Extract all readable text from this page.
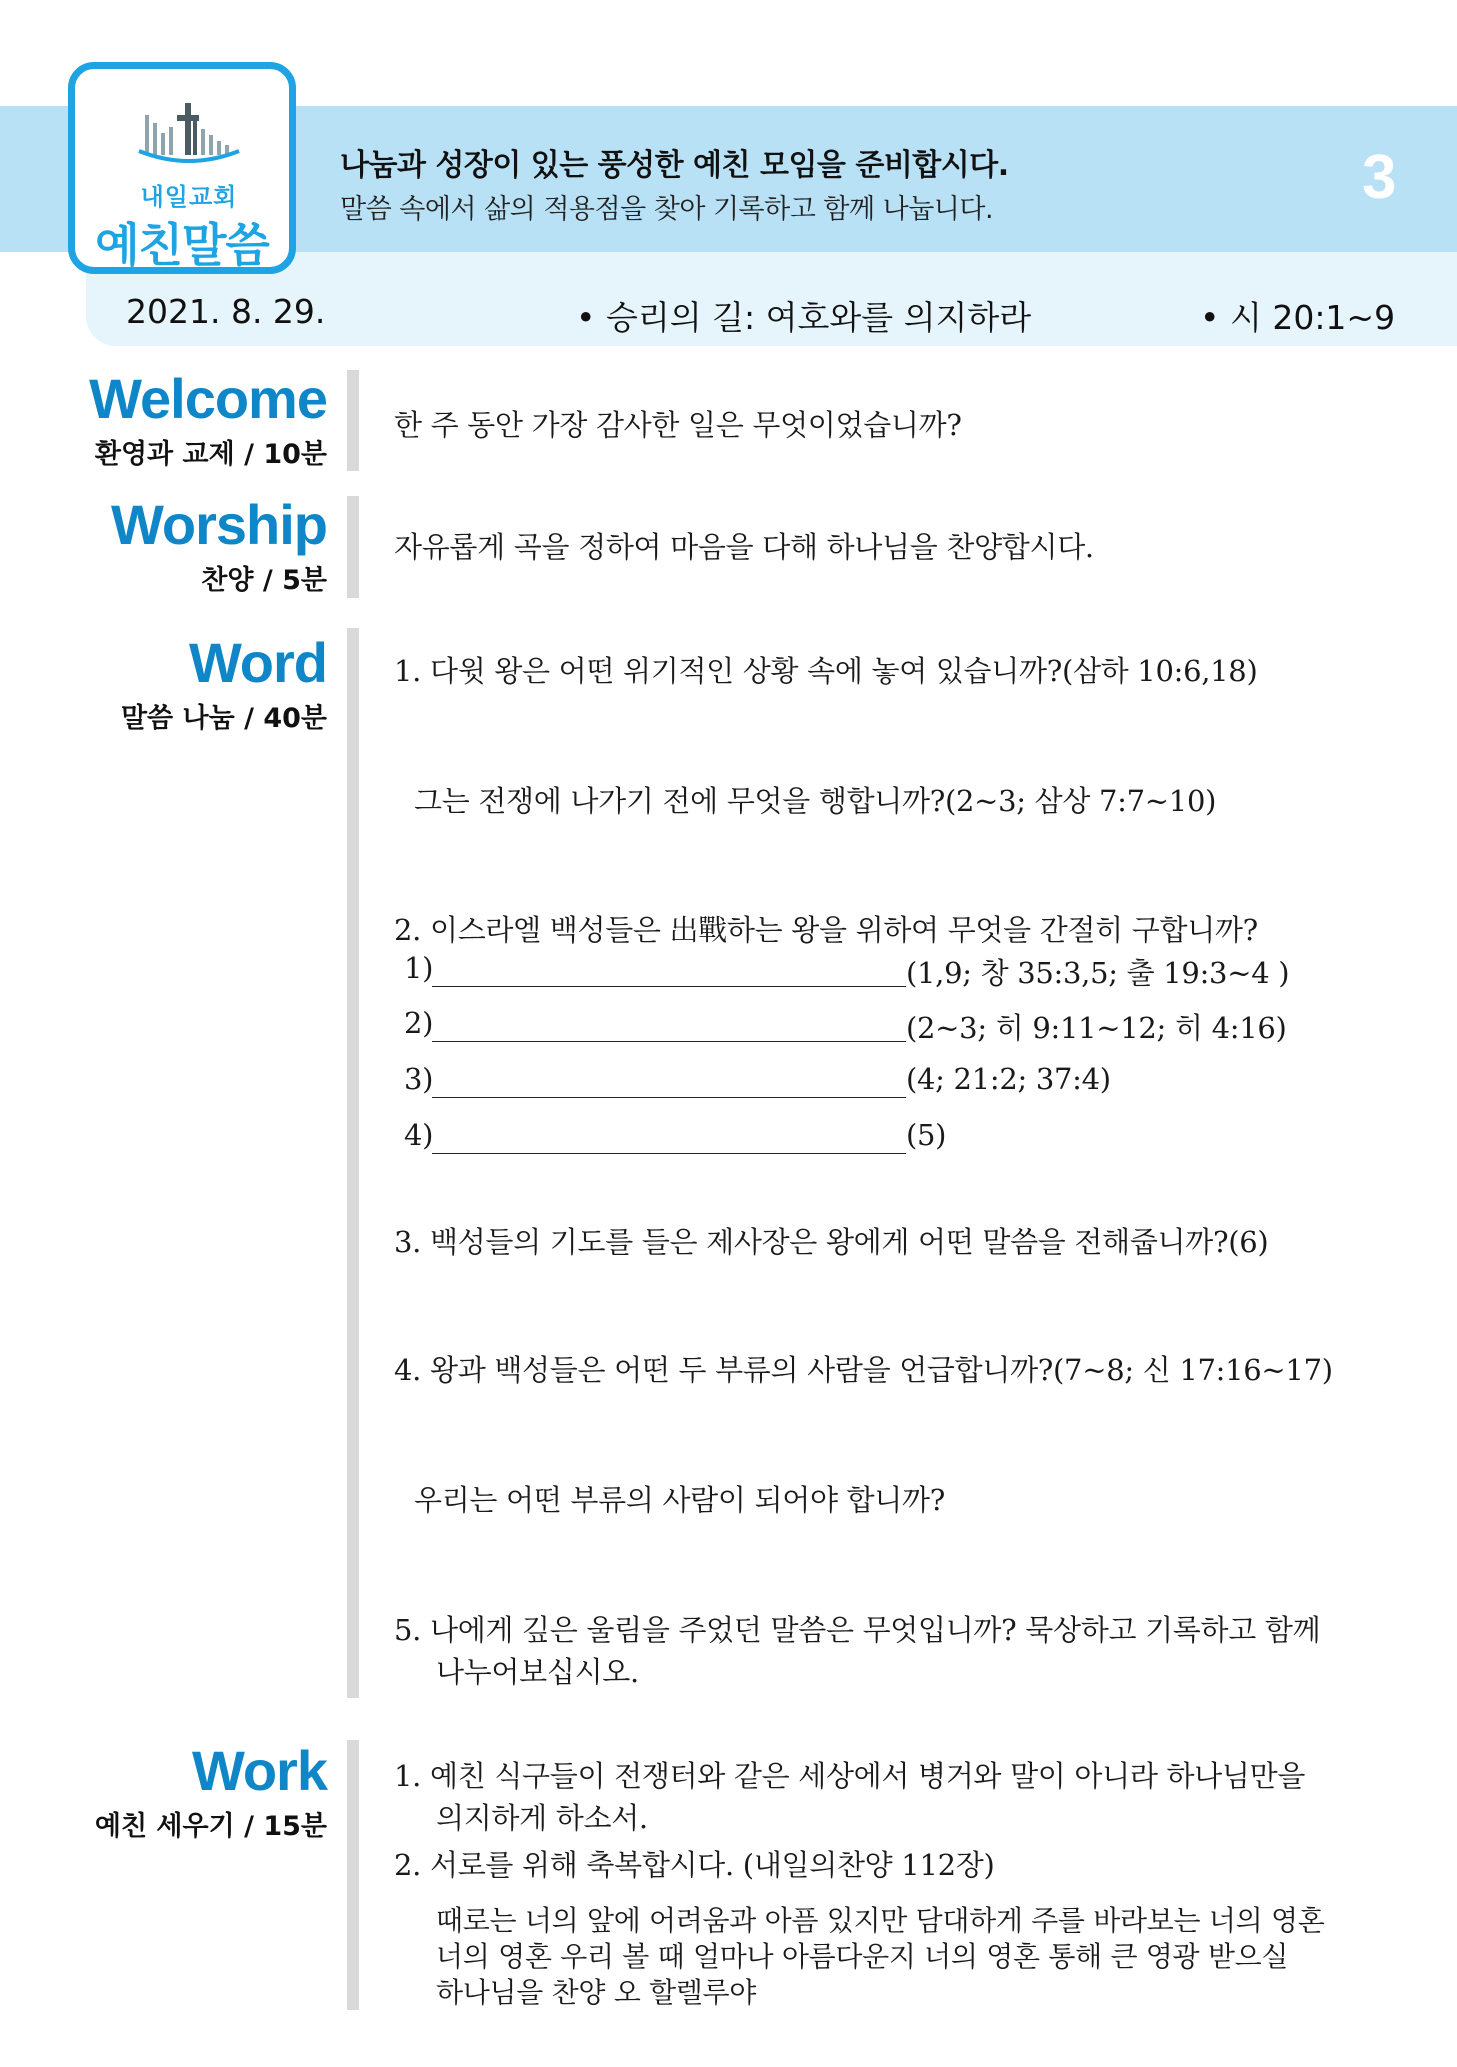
내일교회
예친말씀
나눔과 성장이 있는 풍성한 예친 모임을 준비합시다.
말씀 속에서 삶의 적용점을 찾아 기록하고 함께 나눕니다.	3
2021. 8. 29.	• 승리의 길: 여호와를 의지하라	• 시 20:1~9
Welcome
환영과 교제 / 10분
한 주 동안 가장 감사한 일은 무엇이었습니까?
Worship
찬양 / 5분
자유롭게 곡을 정하여 마음을 다해 하나님을 찬양합시다.
Word
말씀 나눔 / 40분
1. 다윗 왕은 어떤 위기적인 상황 속에 놓여 있습니까?(삼하 10:6,18)
그는 전쟁에 나가기 전에 무엇을 행합니까?(2~3; 삼상 7:7~10)
2. 이스라엘 백성들은 出戰하는 왕을 위하여 무엇을 간절히 구합니까?
1)	(1,9; 창 35:3,5; 출 19:3~4 )
2)	(2~3; 히 9:11~12; 히 4:16)
3)	(4; 21:2; 37:4)
4)	(5)
3. 백성들의 기도를 들은 제사장은 왕에게 어떤 말씀을 전해줍니까?(6)
4. 왕과 백성들은 어떤 두 부류의 사람을 언급합니까?(7~8; 신 17:16~17)
우리는 어떤 부류의 사람이 되어야 합니까?
5. 나에게 깊은 울림을 주었던 말씀은 무엇입니까? 묵상하고 기록하고 함께
나누어보십시오.
Work
예친 세우기 / 15분
1. 예친 식구들이 전쟁터와 같은 세상에서 병거와 말이 아니라 하나님만을
의지하게 하소서.
2. 서로를 위해 축복합시다. (내일의찬양 112장)
때로는 너의 앞에 어려움과 아픔 있지만 담대하게 주를 바라보는 너의 영혼
너의 영혼 우리 볼 때 얼마나 아름다운지 너의 영혼 통해 큰 영광 받으실
하나님을 찬양 오 할렐루야
